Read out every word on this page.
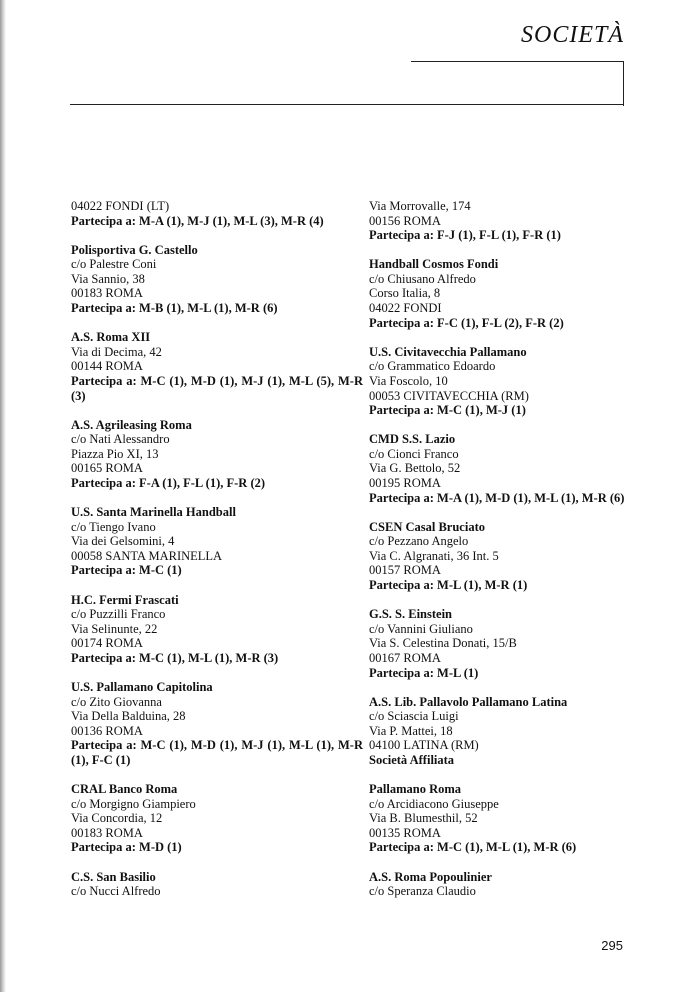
SOCIETÀ
04022 FONDI (LT)
Partecipa a: M-A (1), M-J (1), M-L (3), M-R (4)
Polisportiva G. Castello
c/o Palestre Coni
Via Sannio, 38
00183 ROMA
Partecipa a: M-B (1), M-L (1), M-R (6)
A.S. Roma XII
Via di Decima, 42
00144 ROMA
Partecipa a: M-C (1), M-D (1), M-J (1), M-L (5), M-R (3)
A.S. Agrileasing Roma
c/o Nati Alessandro
Piazza Pio XI, 13
00165 ROMA
Partecipa a: F-A (1), F-L (1), F-R (2)
U.S. Santa Marinella Handball
c/o Tiengo Ivano
Via dei Gelsomini, 4
00058 SANTA MARINELLA
Partecipa a: M-C (1)
H.C. Fermi Frascati
c/o Puzzilli Franco
Via Selinunte, 22
00174 ROMA
Partecipa a: M-C (1), M-L (1), M-R (3)
U.S. Pallamano Capitolina
c/o Zito Giovanna
Via Della Balduina, 28
00136 ROMA
Partecipa a: M-C (1), M-D (1), M-J (1), M-L (1), M-R (1), F-C (1)
CRAL Banco Roma
c/o Morgigno Giampiero
Via Concordia, 12
00183 ROMA
Partecipa a: M-D (1)
C.S. San Basilio
c/o Nucci Alfredo
Via Morrovalle, 174
00156 ROMA
Partecipa a: F-J (1), F-L (1), F-R (1)
Handball Cosmos Fondi
c/o Chiusano Alfredo
Corso Italia, 8
04022 FONDI
Partecipa a: F-C (1), F-L (2), F-R (2)
U.S. Civitavecchia Pallamano
c/o Grammatico Edoardo
Via Foscolo, 10
00053 CIVITAVECCHIA (RM)
Partecipa a: M-C (1), M-J (1)
CMD S.S. Lazio
c/o Cionci Franco
Via G. Bettolo, 52
00195 ROMA
Partecipa a: M-A (1), M-D (1), M-L (1), M-R (6)
CSEN Casal Bruciato
c/o Pezzano Angelo
Via C. Algranati, 36 Int. 5
00157 ROMA
Partecipa a: M-L (1), M-R (1)
G.S. S. Einstein
c/o Vannini Giuliano
Via S. Celestina Donati, 15/B
00167 ROMA
Partecipa a: M-L (1)
A.S. Lib. Pallavolo Pallamano Latina
c/o Sciascia Luigi
Via P. Mattei, 18
04100 LATINA (RM)
Società Affiliata
Pallamano Roma
c/o Arcidiacono Giuseppe
Via B. Blumesthil, 52
00135 ROMA
Partecipa a: M-C (1), M-L (1), M-R (6)
A.S. Roma Popoulinier
c/o Speranza Claudio
295
